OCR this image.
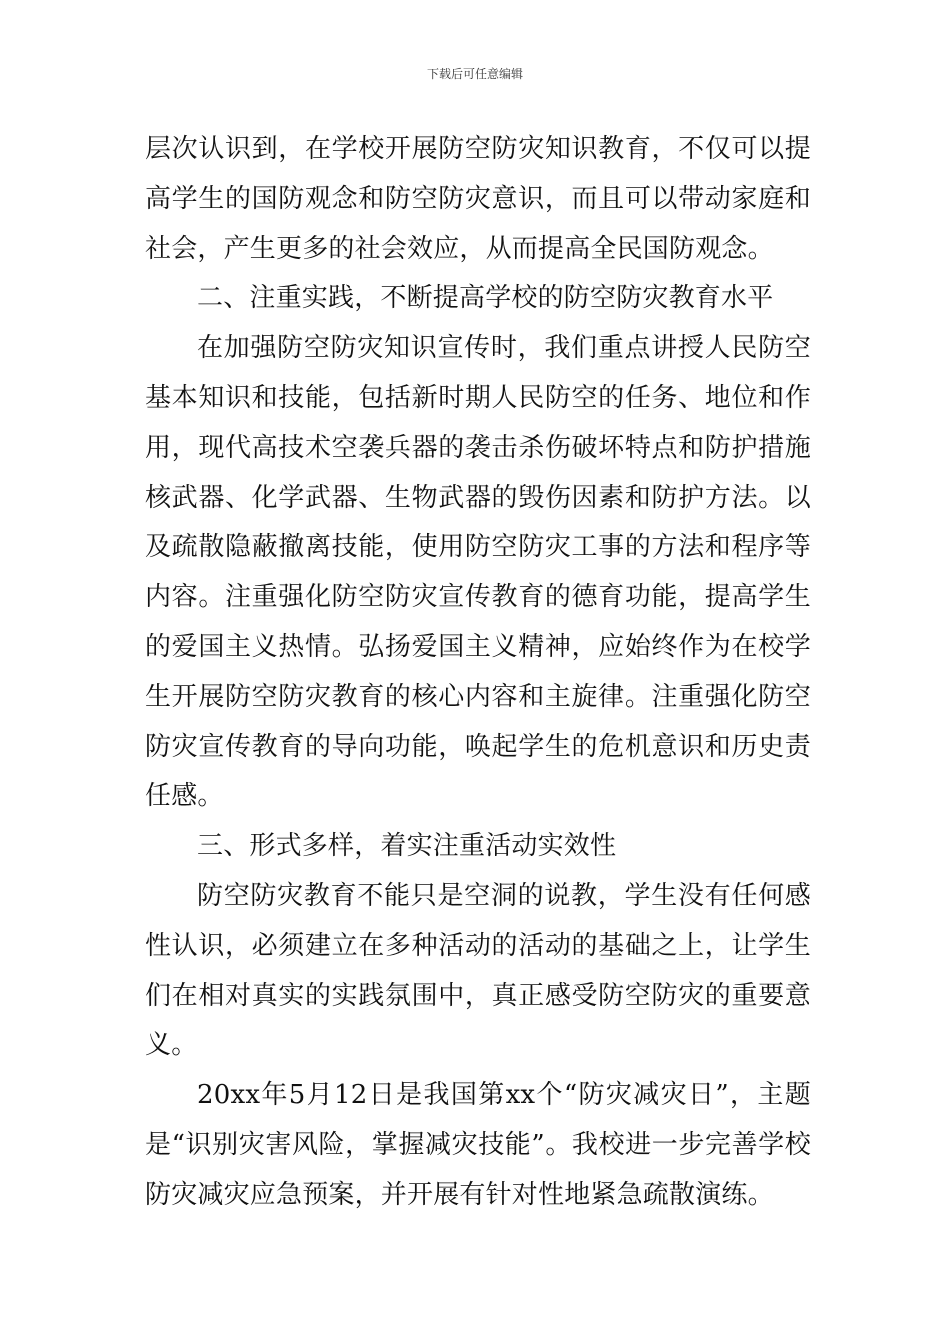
下载后可任意编辑

层次认识到，在学校开展防空防灾知识教育，不仅可以提高学生的国防观念和防空防灾意识，而且可以带动家庭和社会，产生更多的社会效应，从而提高全民国防观念。

二、注重实践，不断提高学校的防空防灾教育水平

在加强防空防灾知识宣传时，我们重点讲授人民防空基本知识和技能，包括新时期人民防空的任务、地位和作用，现代高技术空袭兵器的袭击杀伤破坏特点和防护措施核武器、化学武器、生物武器的毁伤因素和防护方法。以及疏散隐蔽撤离技能，使用防空防灾工事的方法和程序等内容。注重强化防空防灾宣传教育的德育功能，提高学生的爱国主义热情。弘扬爱国主义精神，应始终作为在校学生开展防空防灾教育的核心内容和主旋律。注重强化防空防灾宣传教育的导向功能，唤起学生的危机意识和历史责任感。

三、形式多样，着实注重活动实效性

防空防灾教育不能只是空洞的说教，学生没有任何感性认识，必须建立在多种活动的活动的基础之上，让学生们在相对真实的实践氛围中，真正感受防空防灾的重要意义。

20xx年5月12日是我国第xx个“防灾减灾日”，主题是“识别灾害风险，掌握减灾技能”。我校进一步完善学校防灾减灾应急预案，并开展有针对性地紧急疏散演练。
